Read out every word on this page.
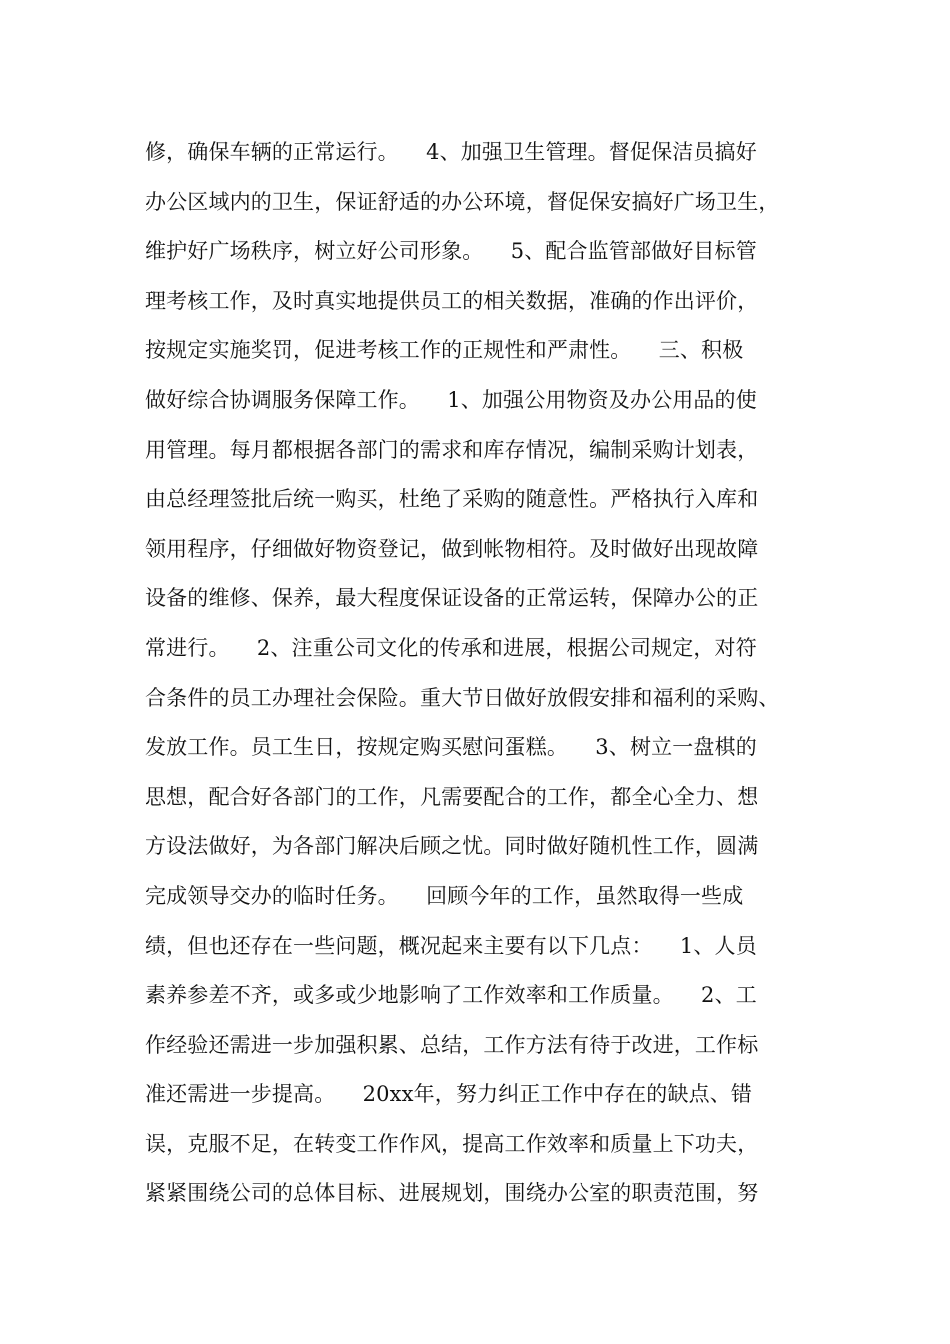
修，确保车辆的正常运行。    4、加强卫生管理。督促保洁员搞好
办公区域内的卫生，保证舒适的办公环境，督促保安搞好广场卫生，
维护好广场秩序，树立好公司形象。    5、配合监管部做好目标管
理考核工作，及时真实地提供员工的相关数据，准确的作出评价，
按规定实施奖罚，促进考核工作的正规性和严肃性。    三、积极
做好综合协调服务保障工作。    1、加强公用物资及办公用品的使
用管理。每月都根据各部门的需求和库存情况，编制采购计划表，
由总经理签批后统一购买，杜绝了采购的随意性。严格执行入库和
领用程序，仔细做好物资登记，做到帐物相符。及时做好出现故障
设备的维修、保养，最大程度保证设备的正常运转，保障办公的正
常进行。    2、注重公司文化的传承和进展，根据公司规定，对符
合条件的员工办理社会保险。重大节日做好放假安排和福利的采购、
发放工作。员工生日，按规定购买慰问蛋糕。    3、树立一盘棋的
思想，配合好各部门的工作，凡需要配合的工作，都全心全力、想
方设法做好，为各部门解决后顾之忧。同时做好随机性工作，圆满
完成领导交办的临时任务。    回顾今年的工作，虽然取得一些成
绩，但也还存在一些问题，概况起来主要有以下几点：    1、人员
素养参差不齐，或多或少地影响了工作效率和工作质量。    2、工
作经验还需进一步加强积累、总结，工作方法有待于改进，工作标
准还需进一步提高。    20xx年，努力纠正工作中存在的缺点、错
误，克服不足，在转变工作作风，提高工作效率和质量上下功夫，
紧紧围绕公司的总体目标、进展规划，围绕办公室的职责范围，努
